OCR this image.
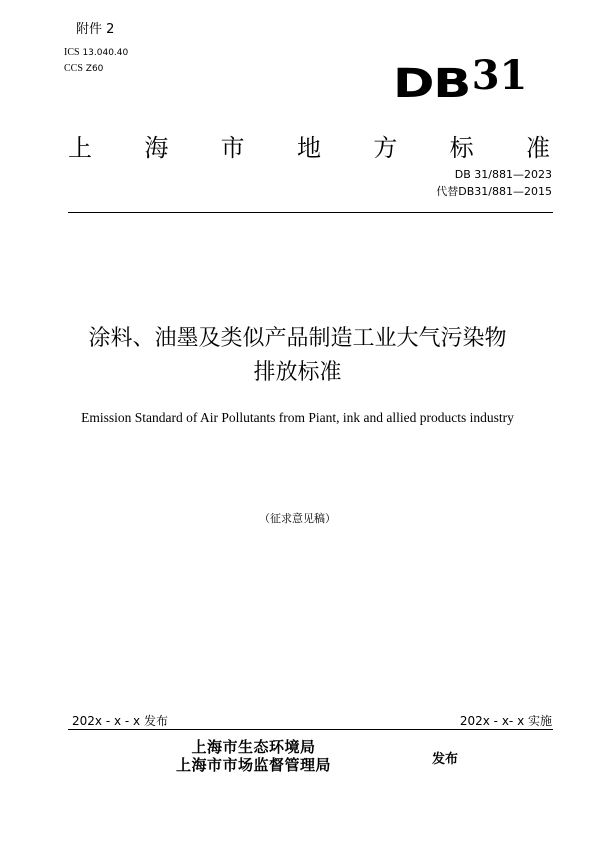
附件 2
ICS 13.040.40
CCS Z60	DB 31
上 海 市 地 方 标 准
DB 31/881—2023
代替DB31/881—2015
涂料、油墨及类似产品制造工业大气污染物
排放标准
Emission Standard of Air Pollutants from Piant, ink and allied products industry
（征求意见稿）
202x - x - x 发布	202x - x- x 实施
上海市生态环境局
上海市市场监督管理局	发布
